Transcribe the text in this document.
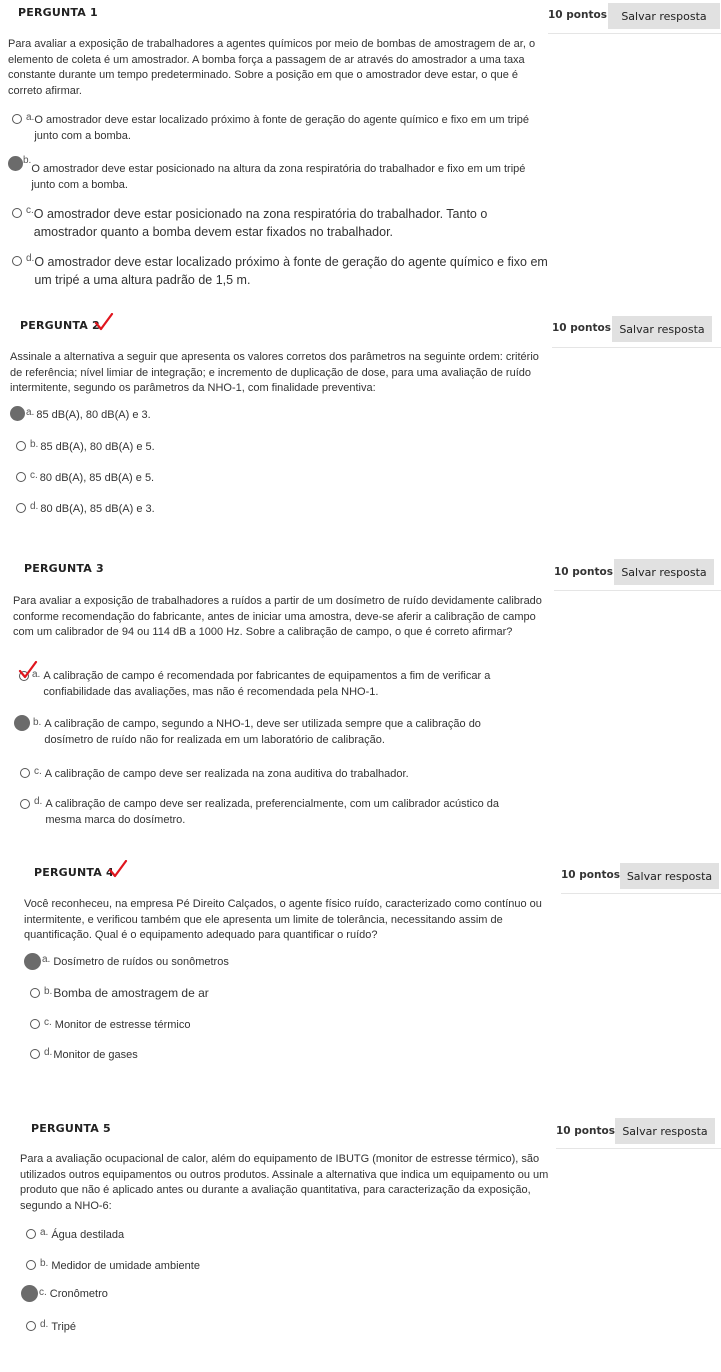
PERGUNTA 1	10 pontos	Salvar resposta
Para avaliar a exposição de trabalhadores a agentes químicos por meio de bombas de amostragem de ar, o elemento de coleta é um amostrador. A bomba força a passagem de ar através do amostrador a uma taxa constante durante um tempo predeterminado. Sobre a posição em que o amostrador deve estar, o que é correto afirmar.
a. O amostrador deve estar localizado próximo à fonte de geração do agente químico e fixo em um tripé junto com a bomba.
b.
O amostrador deve estar posicionado na altura da zona respiratória do trabalhador e fixo em um tripé junto com a bomba.
c. O amostrador deve estar posicionado na zona respiratória do trabalhador. Tanto o amostrador quanto a bomba devem estar fixados no trabalhador.
d. O amostrador deve estar localizado próximo à fonte de geração do agente químico e fixo em um tripé a uma altura padrão de 1,5 m.
PERGUNTA 2	10 pontos Salvar resposta
Assinale a alternativa a seguir que apresenta os valores corretos dos parâmetros na seguinte ordem: critério de referência; nível limiar de integração; e incremento de duplicação de dose, para uma avaliação de ruído intermitente, segundo os parâmetros da NHO-1, com finalidade preventiva:
a. 85 dB(A), 80 dB(A) e 3.
b. 85 dB(A), 80 dB(A) e 5.
c. 80 dB(A), 85 dB(A) e 5.
d. 80 dB(A), 85 dB(A) e 3.
PERGUNTA 3	10 pontos Salvar resposta
Para avaliar a exposição de trabalhadores a ruídos a partir de um dosímetro de ruído devidamente calibrado conforme recomendação do fabricante, antes de iniciar uma amostra, deve-se aferir a calibração de campo com um calibrador de 94 ou 114 dB a 1000 Hz. Sobre a calibração de campo, o que é correto afirmar?
a. A calibração de campo é recomendada por fabricantes de equipamentos a fim de verificar a confiabilidade das avaliações, mas não é recomendada pela NHO-1.
b. A calibração de campo, segundo a NHO-1, deve ser utilizada sempre que a calibração do dosímetro de ruído não for realizada em um laboratório de calibração.
c. A calibração de campo deve ser realizada na zona auditiva do trabalhador.
d. A calibração de campo deve ser realizada, preferencialmente, com um calibrador acústico da mesma marca do dosímetro.
PERGUNTA 4	10 pontos Salvar resposta
Você reconheceu, na empresa Pé Direito Calçados, o agente físico ruído, caracterizado como contínuo ou intermitente, e verificou também que ele apresenta um limite de tolerância, necessitando assim de quantificação. Qual é o equipamento adequado para quantificar o ruído?
a. Dosímetro de ruídos ou sonômetros
b. Bomba de amostragem de ar
c. Monitor de estresse térmico
d. Monitor de gases
PERGUNTA 5	10 pontos Salvar resposta
Para a avaliação ocupacional de calor, além do equipamento de IBUTG (monitor de estresse térmico), são utilizados outros equipamentos ou outros produtos. Assinale a alternativa que indica um equipamento ou um produto que não é aplicado antes ou durante a avaliação quantitativa, para caracterização da exposição, segundo a NHO-6:
a. Água destilada
b. Medidor de umidade ambiente
c. Cronômetro
d. Tripé
